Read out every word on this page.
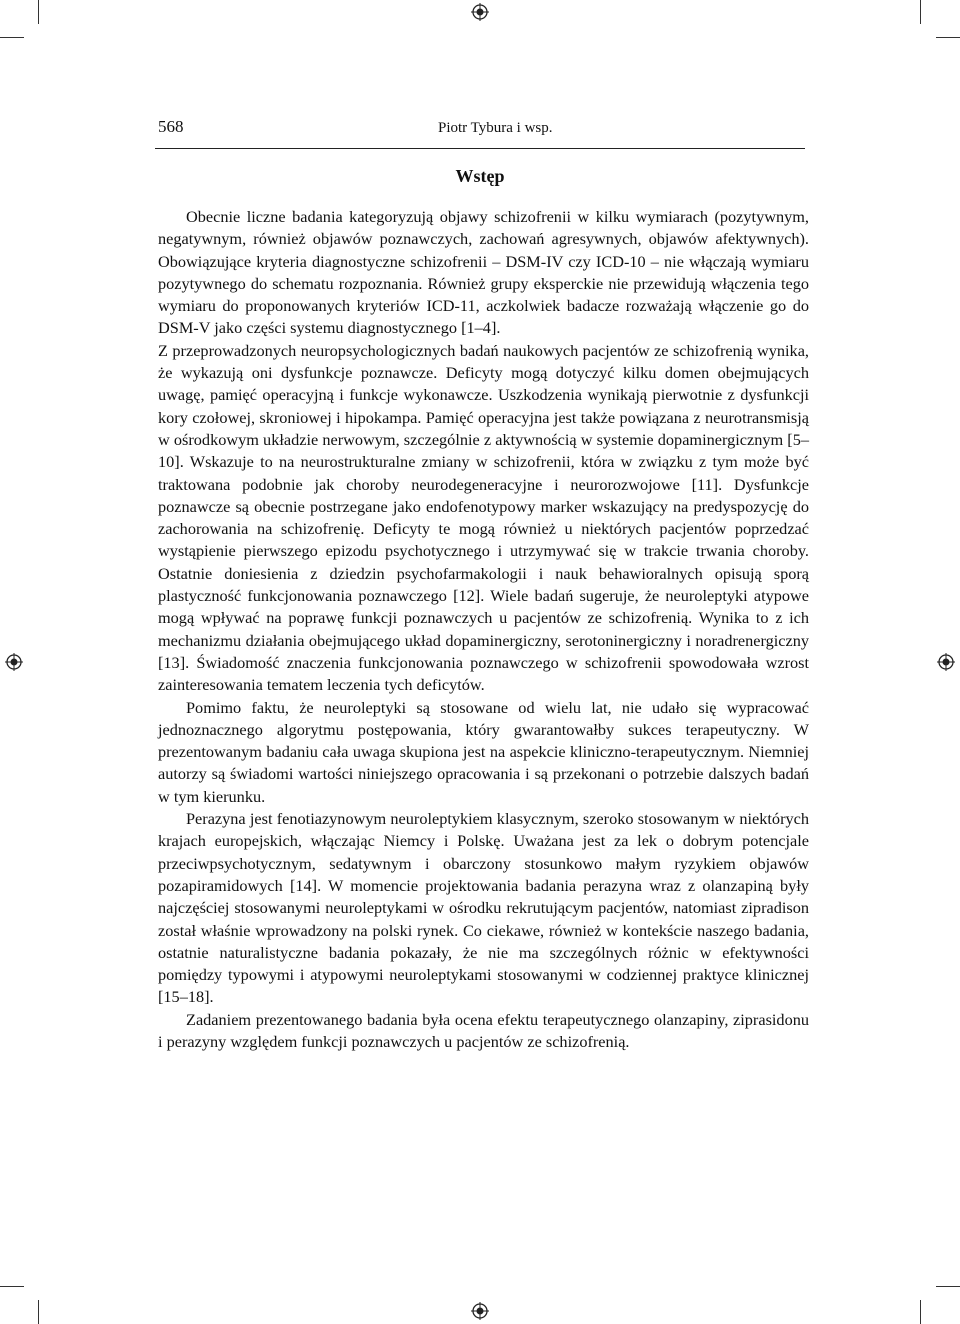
568	Piotr Tybura i wsp.
Wstęp

Obecnie liczne badania kategoryzują objawy schizofrenii w kilku wymiarach (pozytywnym, negatywnym, również objawów poznawczych, zachowań agresywnych, objawów afektywnych). Obowiązujące kryteria diagnostyczne schizofrenii – DSM-IV czy ICD-10 – nie włączają wymiaru pozytywnego do schematu rozpoznania. Również grupy eksperckie nie przewidują włączenia tego wymiaru do proponowanych kryteriów ICD-11, aczkolwiek badacze rozważają włączenie go do DSM-V jako części systemu diagnostycznego [1–4].

Z przeprowadzonych neuropsychologicznych badań naukowych pacjentów ze schizofrenią wynika, że wykazują oni dysfunkcje poznawcze. Deficyty mogą dotyczyć kilku domen obejmujących uwagę, pamięć operacyjną i funkcje wykonawcze. Uszkodzenia wynikają pierwotnie z dysfunkcji kory czołowej, skroniowej i hipokampa. Pamięć operacyjna jest także powiązana z neurotransmisją w ośrodkowym układzie nerwowym, szczególnie z aktywnością w systemie dopaminergicznym [5–10]. Wskazuje to na neurostrukturalne zmiany w schizofrenii, która w związku z tym może być traktowana podobnie jak choroby neurodegeneracyjne i neurorozwojowe [11]. Dysfunkcje poznawcze są obecnie postrzegane jako endofenotypowy marker wskazujący na predyspozycję do zachorowania na schizofrenię. Deficyty te mogą również u niektórych pacjentów poprzedzać wystąpienie pierwszego epizodu psychotycznego i utrzymywać się w trakcie trwania choroby. Ostatnie doniesienia z dziedzin psychofarmakologii i nauk behawioralnych opisują sporą plastyczność funkcjonowania poznawczego [12]. Wiele badań sugeruje, że neuroleptyki atypowe mogą wpływać na poprawę funkcji poznawczych u pacjentów ze schizofrenią. Wynika to z ich mechanizmu działania obejmującego układ dopaminergiczny, serotoninergiczny i noradrenergiczny [13]. Świadomość znaczenia funkcjonowania poznawczego w schizofrenii spowodowała wzrost zainteresowania tematem leczenia tych deficytów.

Pomimo faktu, że neuroleptyki są stosowane od wielu lat, nie udało się wypracować jednoznacznego algorytmu postępowania, który gwarantowałby sukces terapeutyczny. W prezentowanym badaniu cała uwaga skupiona jest na aspekcie kliniczno-terapeutycznym. Niemniej autorzy są świadomi wartości niniejszego opracowania i są przekonani o potrzebie dalszych badań w tym kierunku.

Perazyna jest fenotiazynowym neuroleptykiem klasycznym, szeroko stosowanym w niektórych krajach europejskich, włączając Niemcy i Polskę. Uważana jest za lek o dobrym potencjale przeciwpsychotycznym, sedatywnym i obarczony stosunkowo małym ryzykiem objawów pozapiramidowych [14]. W momencie projektowania badania perazyna wraz z olanzapiną były najczęściej stosowanymi neuroleptykami w ośrodku rekrutującym pacjentów, natomiast zipradison został właśnie wprowadzony na polski rynek. Co ciekawe, również w kontekście naszego badania, ostatnie naturalistyczne badania pokazały, że nie ma szczególnych różnic w efektywności pomiędzy typowymi i atypowymi neuroleptykami stosowanymi w codziennej praktyce klinicznej [15–18].

Zadaniem prezentowanego badania była ocena efektu terapeutycznego olanzapiny, ziprasidonu i perazyny względem funkcji poznawczych u pacjentów ze schizofrenią.
